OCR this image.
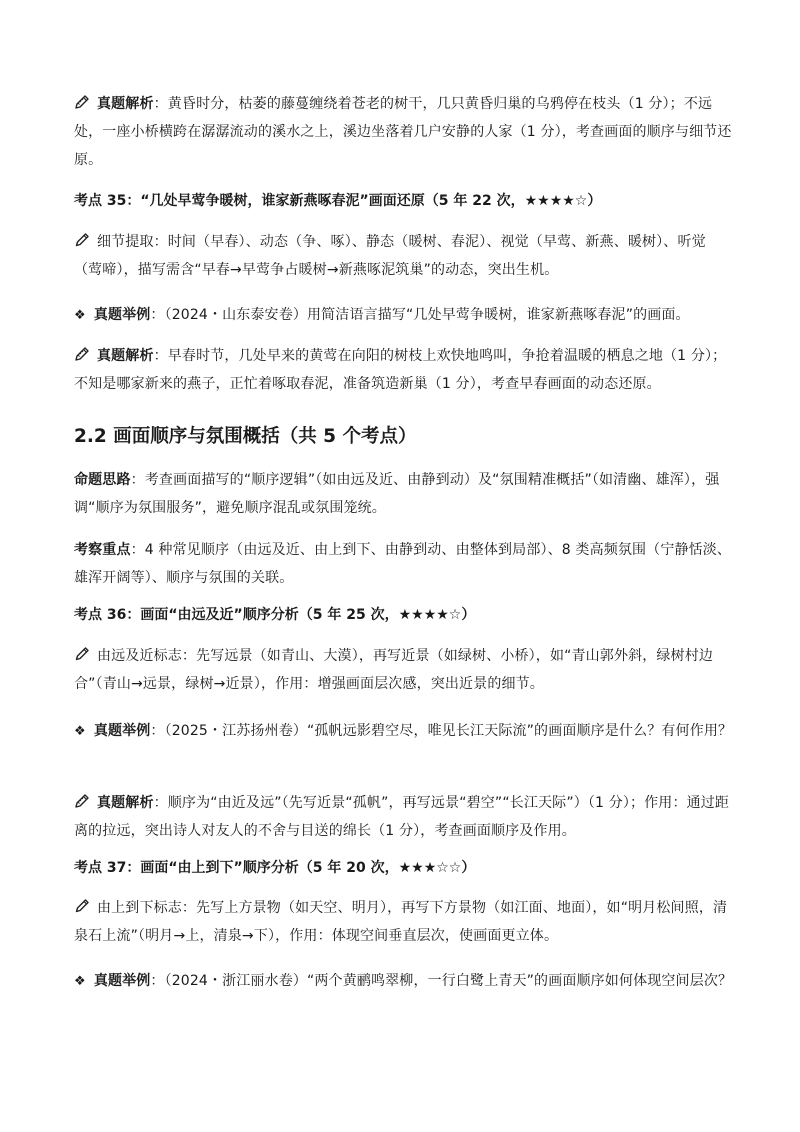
真题解析：黄昏时分，枯萎的藤蔓缠绕着苍老的树干，几只黄昏归巢的乌鸦停在枝头（1 分）；不远处，一座小桥横跨在潺潺流动的溪水之上，溪边坐落着几户安静的人家（1 分），考查画面的顺序与细节还原。

考点 35：“几处早莺争暖树，谁家新燕啄春泥”画面还原（5 年 22 次，★★★★☆）

细节提取：时间（早春）、动态（争、啄）、静态（暖树、春泥）、视觉（早莺、新燕、暖树）、听觉（莺啼），描写需含“早春→早莺争占暖树→新燕啄泥筑巢”的动态，突出生机。

❖ 真题举例：（2024・山东泰安卷）用简洁语言描写“几处早莺争暖树，谁家新燕啄春泥”的画面。

真题解析：早春时节，几处早来的黄莺在向阳的树枝上欢快地鸣叫，争抢着温暖的栖息之地（1 分）；不知是哪家新来的燕子，正忙着啄取春泥，准备筑造新巢（1 分），考查早春画面的动态还原。

2.2 画面顺序与氛围概括（共 5 个考点）

命题思路：考查画面描写的“顺序逻辑”（如由远及近、由静到动）及“氛围精准概括”（如清幽、雄浑），强调“顺序为氛围服务”，避免顺序混乱或氛围笼统。

考察重点：4 种常见顺序（由远及近、由上到下、由静到动、由整体到局部）、8 类高频氛围（宁静恬淡、雄浑开阔等）、顺序与氛围的关联。

考点 36：画面“由远及近”顺序分析（5 年 25 次，★★★★☆）

由远及近标志：先写远景（如青山、大漠），再写近景（如绿树、小桥），如“青山郭外斜，绿树村边合”（青山→远景，绿树→近景），作用：增强画面层次感，突出近景的细节。

❖ 真题举例：（2025・江苏扬州卷）“孤帆远影碧空尽，唯见长江天际流”的画面顺序是什么？有何作用？

真题解析：顺序为“由近及远”（先写近景“孤帆”，再写远景“碧空”“长江天际”）（1 分）；作用：通过距离的拉远，突出诗人对友人的不舍与目送的绵长（1 分），考查画面顺序及作用。

考点 37：画面“由上到下”顺序分析（5 年 20 次，★★★☆☆）

由上到下标志：先写上方景物（如天空、明月），再写下方景物（如江面、地面），如“明月松间照，清泉石上流”（明月→上，清泉→下），作用：体现空间垂直层次，使画面更立体。

❖ 真题举例：（2024・浙江丽水卷）“两个黄鹂鸣翠柳，一行白鹭上青天”的画面顺序如何体现空间层次？
